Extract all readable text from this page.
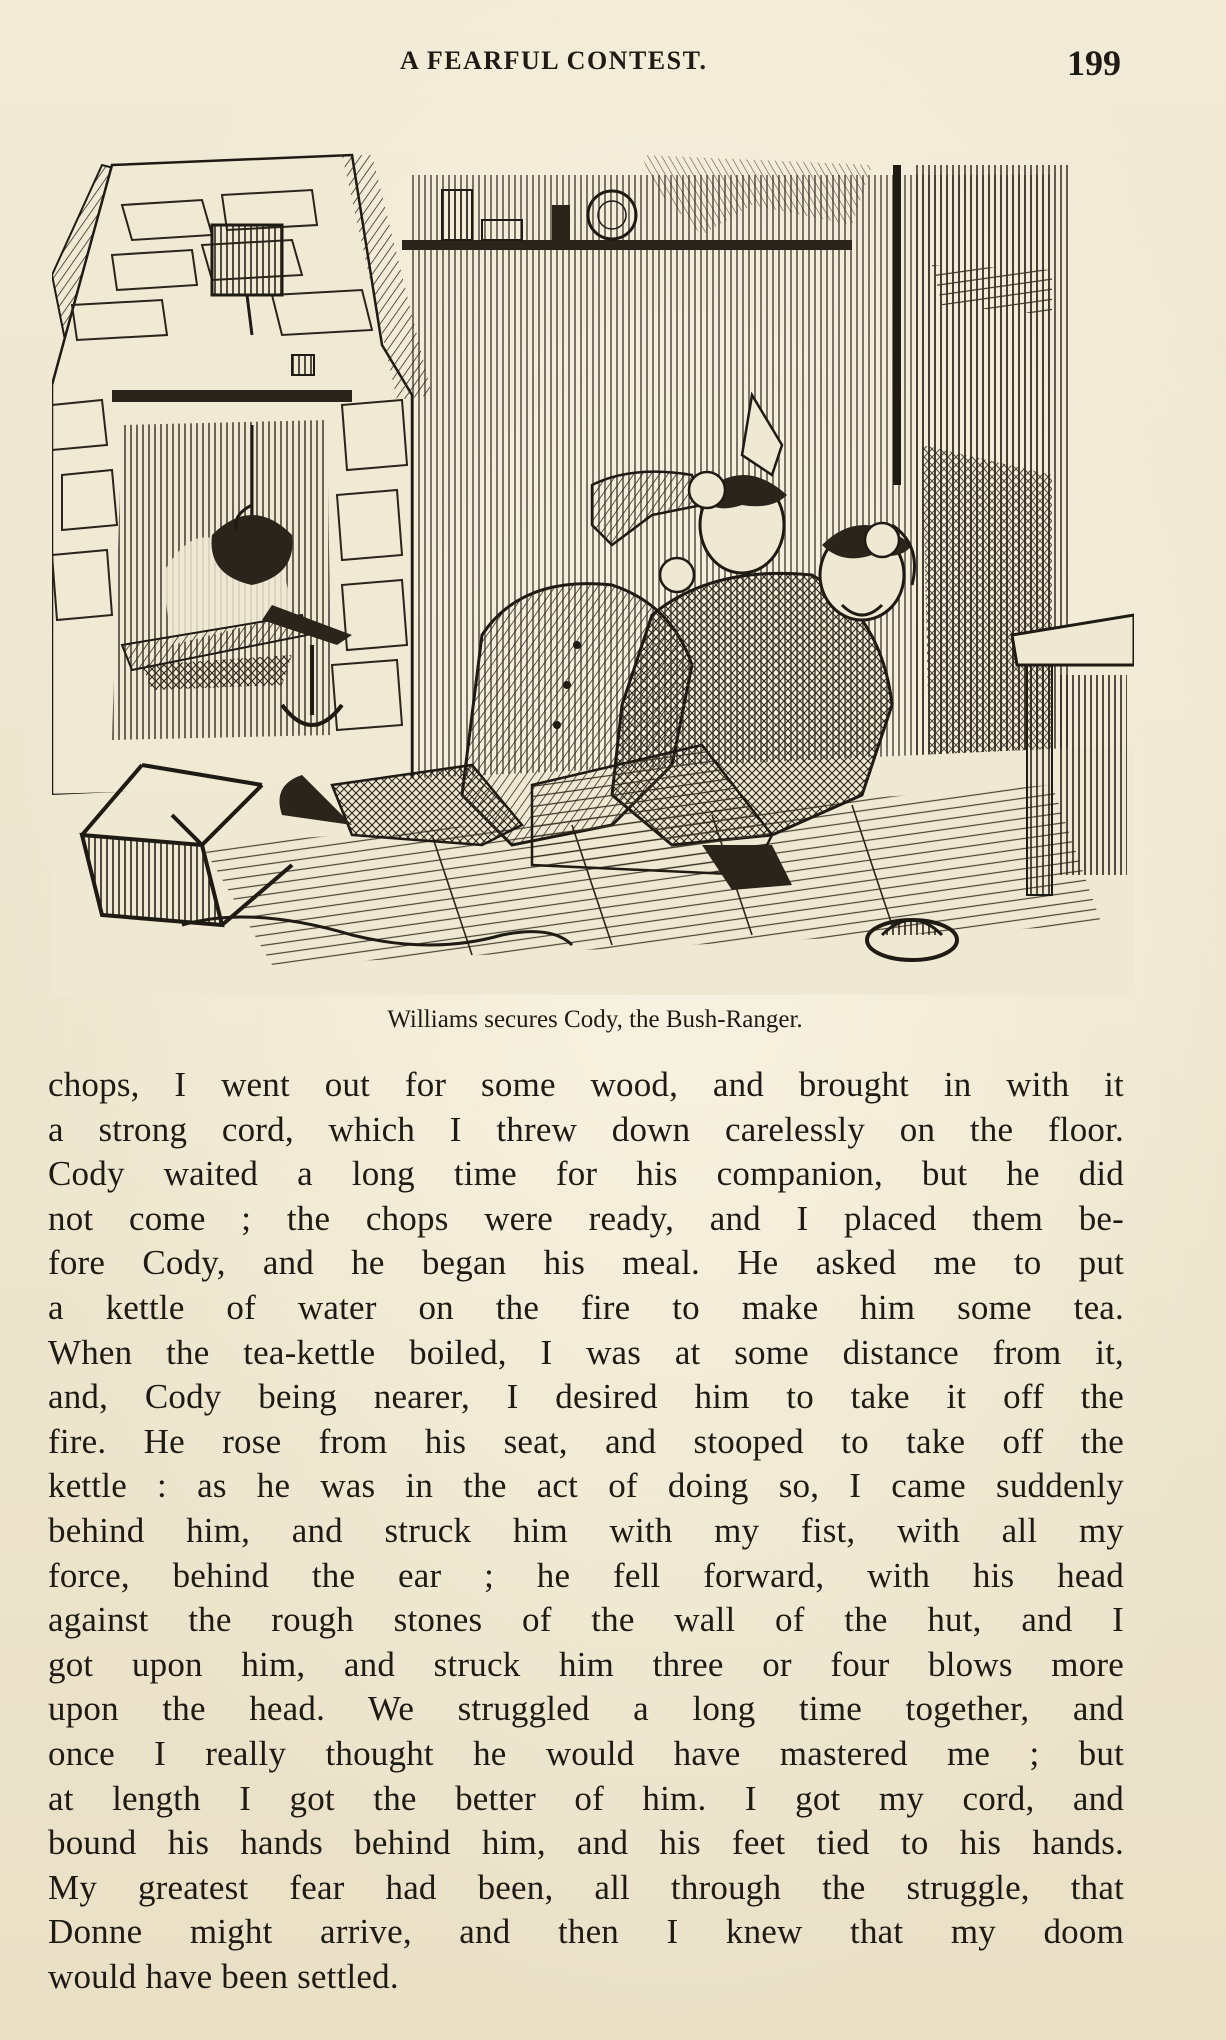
A FEARFUL CONTEST.	199
Williams secures Cody, the Bush-Ranger.
chops, I went out for some wood, and brought in with it
a strong cord, which I threw down carelessly on the floor.
Cody waited a long time for his companion, but he did
not come ; the chops were ready, and I placed them be-
fore Cody, and he began his meal. He asked me to put
a kettle of water on the fire to make him some tea.
When the tea-kettle boiled, I was at some distance from it,
and, Cody being nearer, I desired him to take it off the
fire. He rose from his seat, and stooped to take off the
kettle : as he was in the act of doing so, I came suddenly
behind him, and struck him with my fist, with all my
force, behind the ear ; he fell forward, with his head
against the rough stones of the wall of the hut, and I
got upon him, and struck him three or four blows more
upon the head. We struggled a long time together, and
once I really thought he would have mastered me ; but
at length I got the better of him. I got my cord, and
bound his hands behind him, and his feet tied to his hands.
My greatest fear had been, all through the struggle, that
Donne might arrive, and then I knew that my doom
would have been settled.
